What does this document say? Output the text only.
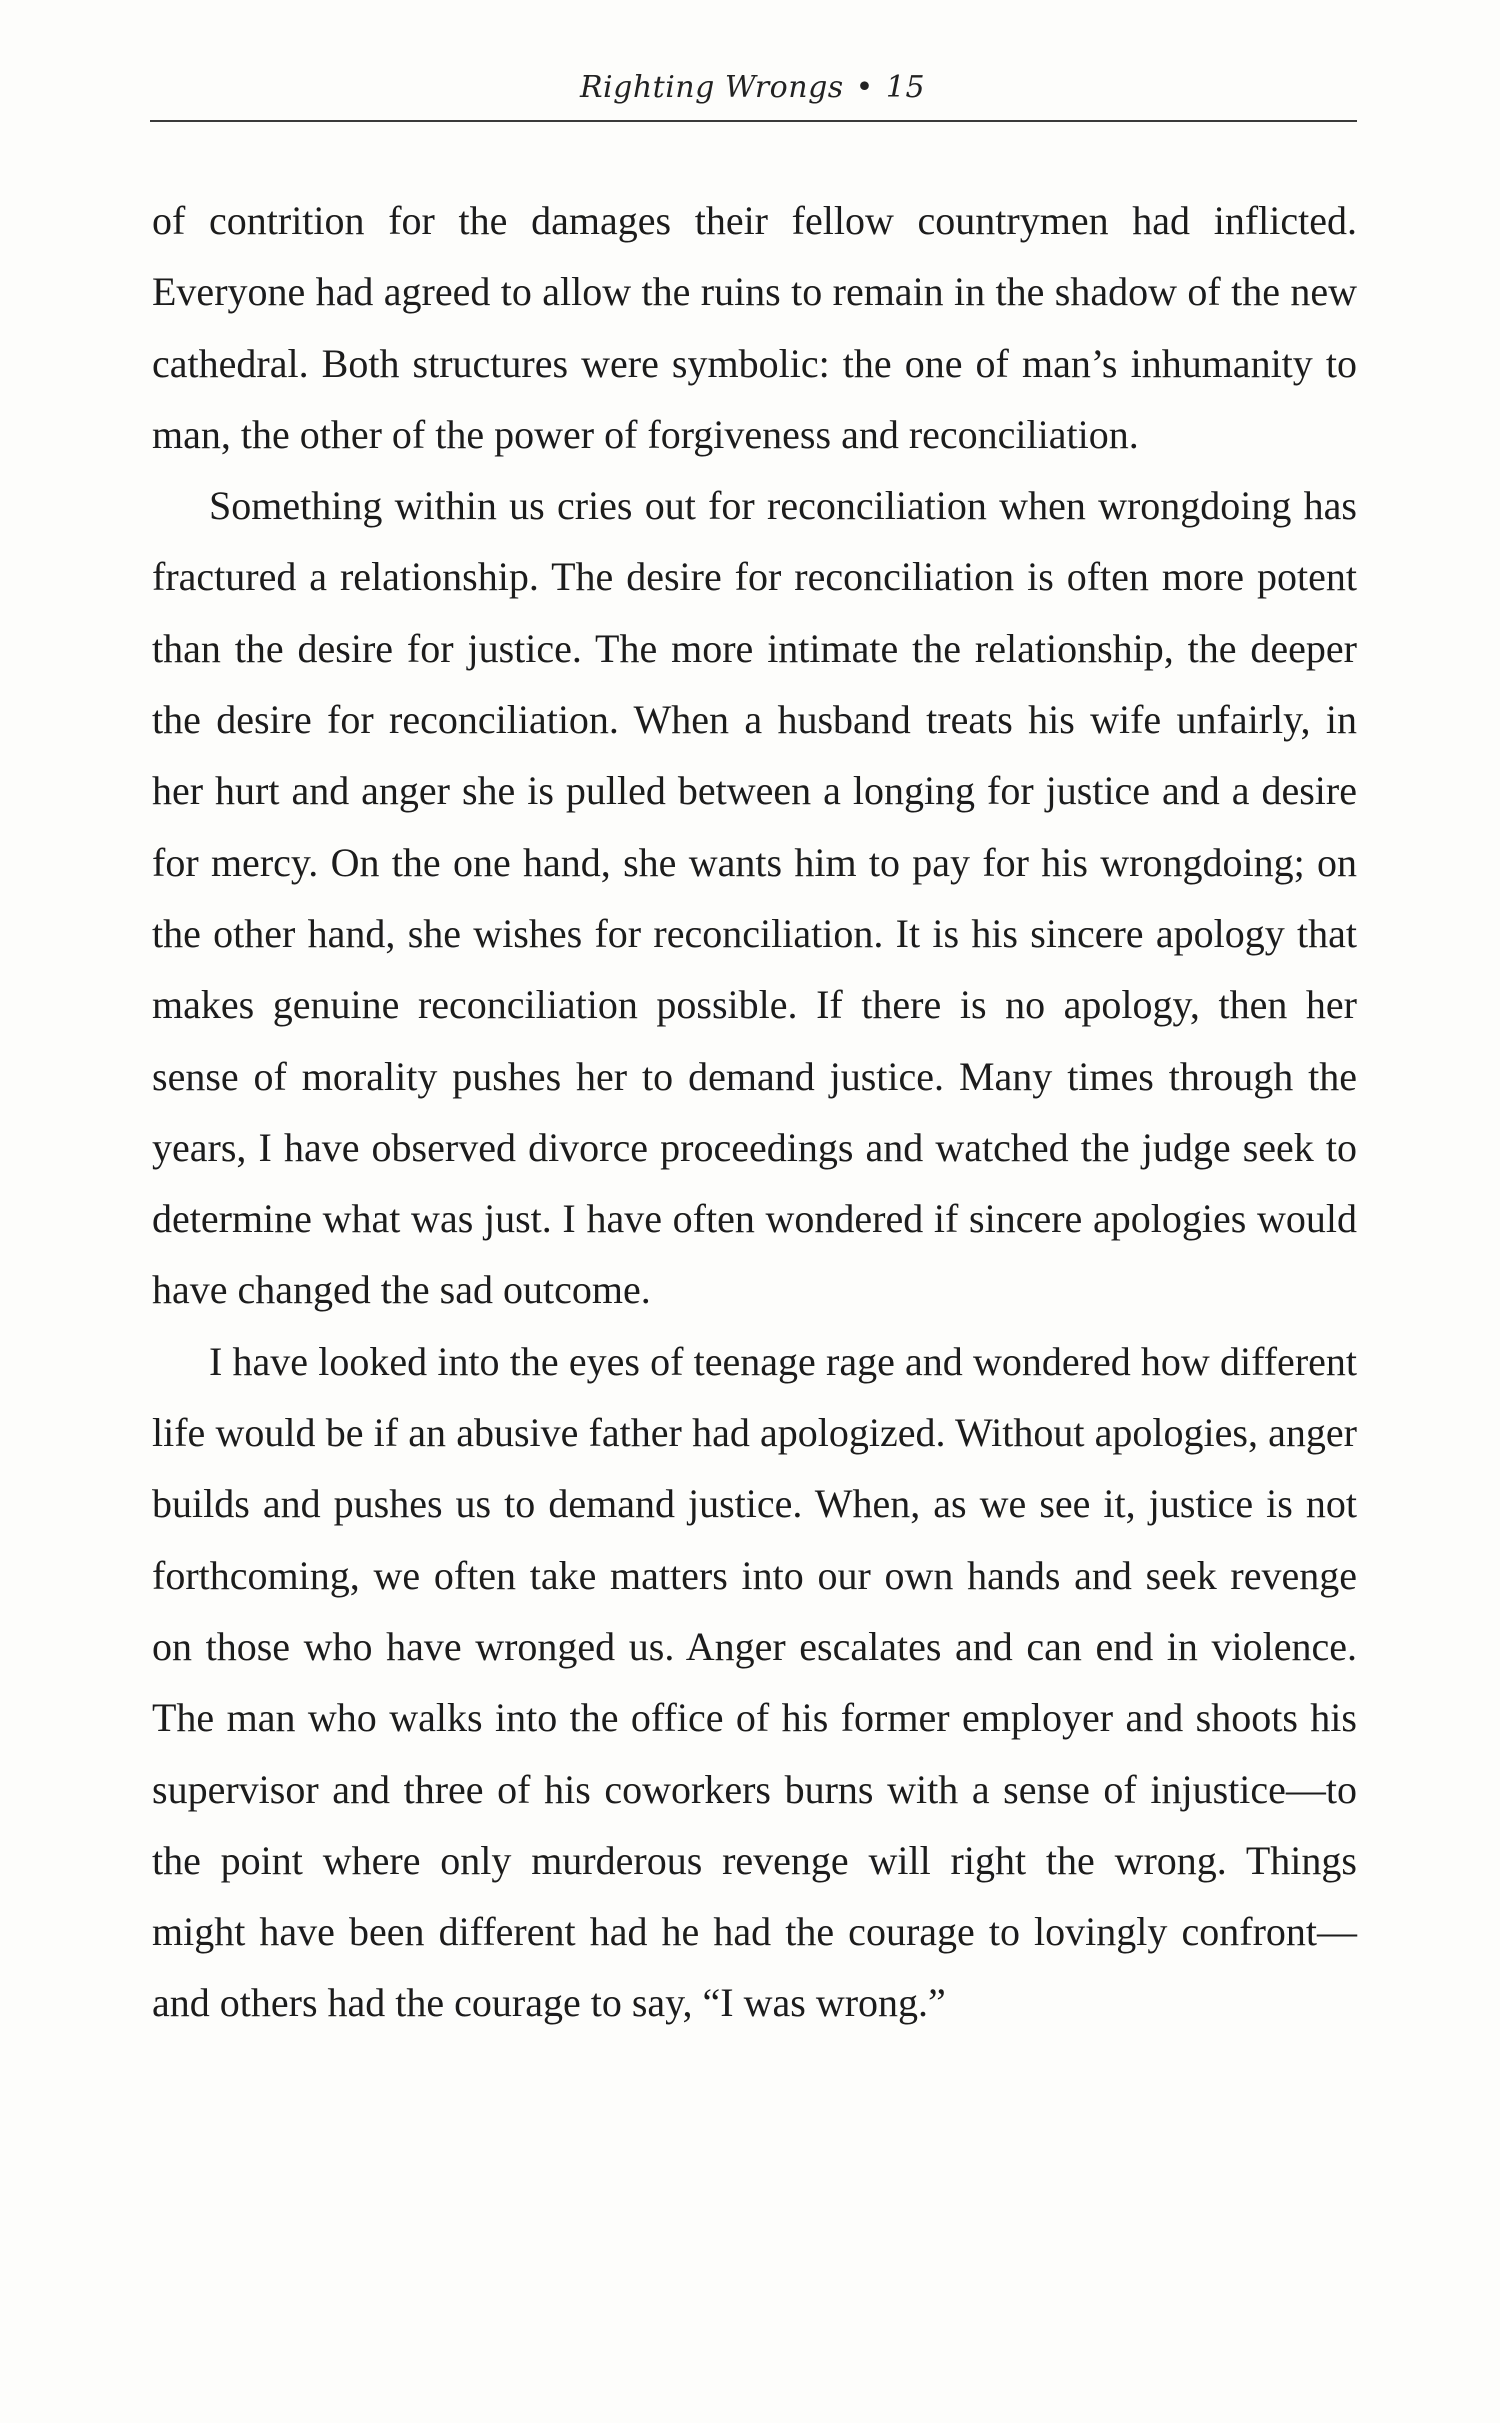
Righting Wrongs • 15

of contrition for the damages their fellow countrymen had inflicted. Everyone had agreed to allow the ruins to remain in the shadow of the new cathedral. Both structures were symbolic: the one of man’s inhumanity to man, the other of the power of forgiveness and reconciliation.

Something within us cries out for reconciliation when wrongdoing has fractured a relationship. The desire for reconciliation is often more potent than the desire for justice. The more intimate the relationship, the deeper the desire for reconciliation. When a husband treats his wife unfairly, in her hurt and anger she is pulled between a longing for justice and a desire for mercy. On the one hand, she wants him to pay for his wrongdoing; on the other hand, she wishes for reconciliation. It is his sincere apology that makes genuine reconciliation possible. If there is no apology, then her sense of morality pushes her to demand justice. Many times through the years, I have observed divorce proceedings and watched the judge seek to determine what was just. I have often wondered if sincere apologies would have changed the sad outcome.

I have looked into the eyes of teenage rage and wondered how different life would be if an abusive father had apologized. Without apologies, anger builds and pushes us to demand justice. When, as we see it, justice is not forthcoming, we often take matters into our own hands and seek revenge on those who have wronged us. Anger escalates and can end in violence. The man who walks into the office of his former employer and shoots his supervisor and three of his coworkers burns with a sense of injustice—to the point where only murderous revenge will right the wrong. Things might have been different had he had the courage to lovingly confront—and others had the courage to say, “I was wrong.”
